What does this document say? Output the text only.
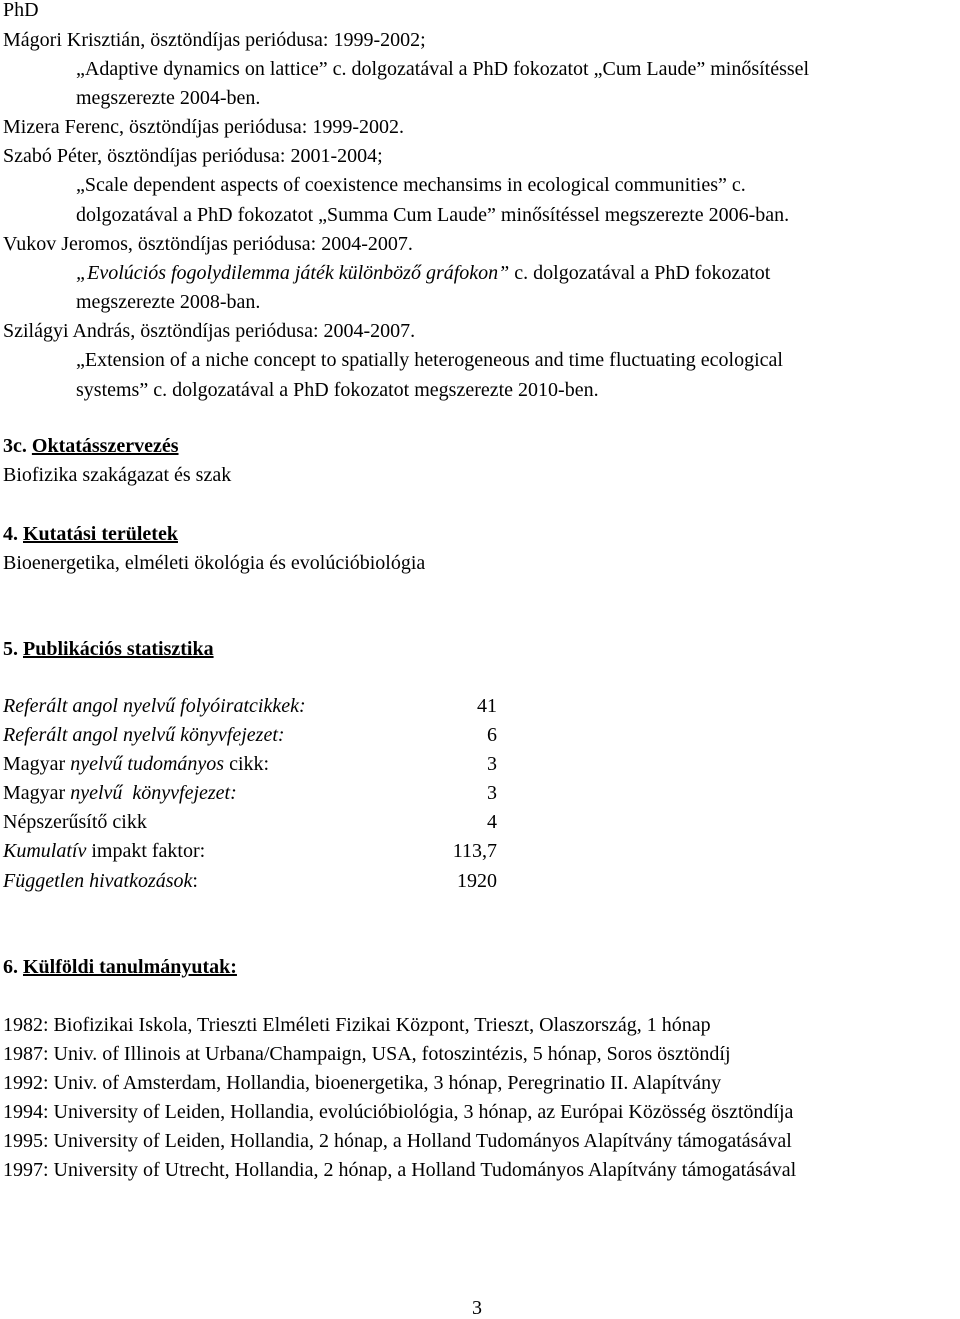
PhD
Mágori Krisztián, ösztöndíjas periódusa: 1999-2002;
„Adaptive dynamics on lattice” c. dolgozatával a PhD fokozatot „Cum Laude” minősítéssel
megszerezte 2004-ben.
Mizera Ferenc, ösztöndíjas periódusa: 1999-2002.
Szabó Péter, ösztöndíjas periódusa: 2001-2004;
„Scale dependent aspects of coexistence mechansims in ecological communities” c.
dolgozatával a PhD fokozatot „Summa Cum Laude” minősítéssel megszerezte 2006-ban.
Vukov Jeromos, ösztöndíjas periódusa: 2004-2007.
„Evolúciós fogolydilemma játék különböző gráfokon” c. dolgozatával a PhD fokozatot
megszerezte 2008-ban.
Szilágyi András, ösztöndíjas periódusa: 2004-2007.
„Extension of a niche concept to spatially heterogeneous and time fluctuating ecological
systems” c. dolgozatával a PhD fokozatot megszerezte 2010-ben.
3c. Oktatásszervezés
Biofizika szakágazat és szak
4. Kutatási területek
Bioenergetika, elméleti ökológia és evolúcióbiológia
5. Publikációs statisztika
Referált angol nyelvű folyóiratcikkek:	41
Referált angol nyelvű könyvfejezet:	6
Magyar nyelvű tudományos cikk:	3
Magyar nyelvű  könyvfejezet:	3
Népszerűsítő cikk	4
Kumulatív impakt faktor:	113,7
Független hivatkozások:	1920
6. Külföldi tanulmányutak:
1982: Biofizikai Iskola, Trieszti Elméleti Fizikai Központ, Trieszt, Olaszország, 1 hónap
1987: Univ. of Illinois at Urbana/Champaign, USA, fotoszintézis, 5 hónap, Soros ösztöndíj
1992: Univ. of Amsterdam, Hollandia, bioenergetika, 3 hónap, Peregrinatio II. Alapítvány
1994: University of Leiden, Hollandia, evolúcióbiológia, 3 hónap, az Európai Közösség ösztöndíja
1995: University of Leiden, Hollandia, 2 hónap, a Holland Tudományos Alapítvány támogatásával
1997: University of Utrecht, Hollandia, 2 hónap, a Holland Tudományos Alapítvány támogatásával
3
